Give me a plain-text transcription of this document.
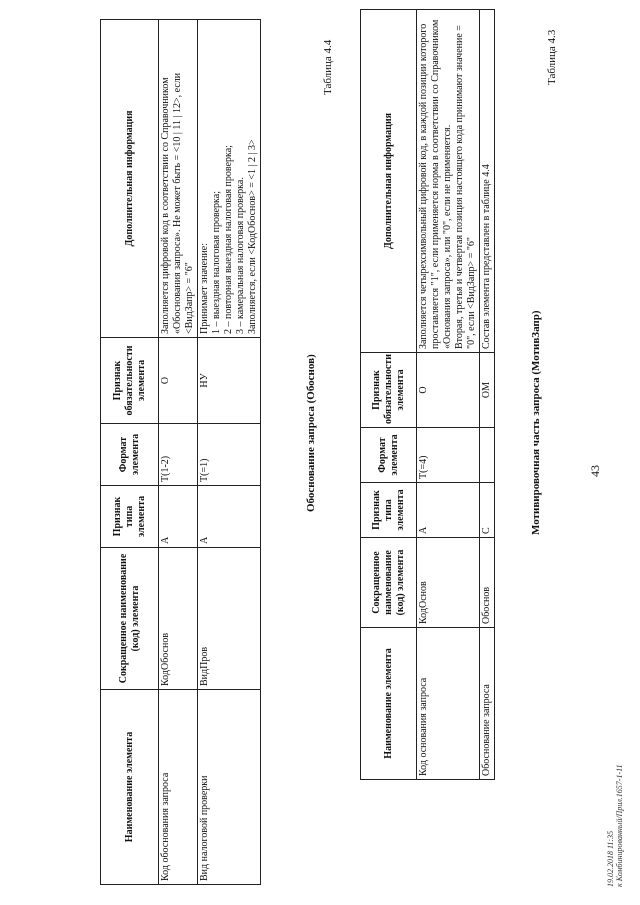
43
Таблица 4.3
Мотивировочная часть запроса (МотивЗапр)
Наименование элемента	Сокращенное наименование (код) элемента	Признак типа элемента	Формат элемента	Признак обязательности элемента	Дополнительная информация
Код основания запроса	КодОснов	А	T(=4)	О	Заполняется четырехсимвольный цифровой код, в каждой позиции которого проставляется "1", если применяется норма в соответствии со Справочником «Основания запроса», или "0", если не применяется.
Вторая, третья и четвертая позиция настоящего кода принимают значение = "0", если <ВидЗапр> = "6"
Обоснование запроса	Обоснов	С		ОМ	Состав элемента представлен в таблице 4.4
Таблица 4.4
Обоснование запроса (Обоснов)
Наименование элемента	Сокращенное наименование (код) элемента	Признак типа элемента	Формат элемента	Признак обязательности элемента	Дополнительная информация
Код обоснования запроса	КодОбоснов	А	T(1-2)	О	Заполняется цифровой код в соответствии со Справочником «Обоснования запроса». Не может быть = <10 | 11 | 12>, если <ВидЗапр> = "6"
Вид налоговой проверки	ВидПров	А	T(=1)	НУ	Принимает значение:
1 – выездная налоговая проверка;
2 – повторная выездная налоговая проверка;
3 – камеральная налоговая проверка.
Заполняется, если <КодОбоснов> = <1 | 2 | 3>
19.02.2018 11:35 к Комбинированный/Прил.1657-1-11
